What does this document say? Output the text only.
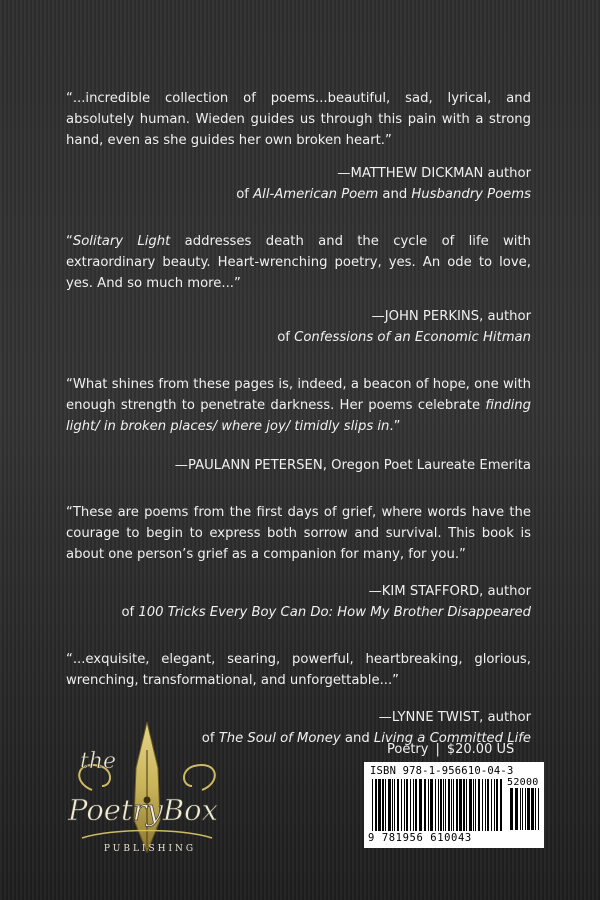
“...incredible collection of poems...beautiful, sad, lyrical, and absolutely human. Wieden guides us through this pain with a strong hand, even as she guides her own broken heart.”

—MATTHEW DICKMAN author
of All-American Poem and Husbandry Poems

“Solitary Light addresses death and the cycle of life with extraordinary beauty. Heart-wrenching poetry, yes. An ode to love, yes. And so much more...”

—JOHN PERKINS, author
of Confessions of an Economic Hitman

“What shines from these pages is, indeed, a beacon of hope, one with enough strength to penetrate darkness. Her poems celebrate finding light/ in broken places/ where joy/ timidly slips in.”

—PAULANN PETERSEN, Oregon Poet Laureate Emerita

“These are poems from the first days of grief, where words have the courage to begin to express both sorrow and survival. This book is about one person’s grief as a companion for many, for you.”

—KIM STAFFORD, author
of 100 Tricks Every Boy Can Do: How My Brother Disappeared

“...exquisite, elegant, searing, powerful, heartbreaking, glorious, wrenching, transformational, and unforgettable...”

—LYNNE TWIST, author
of The Soul of Money and Living a Committed Life

the
PoetryBox
PUBLISHING
Poetry | $20.00 US
ISBN 978-1-956610-04-3
52000
9 781956 610043
